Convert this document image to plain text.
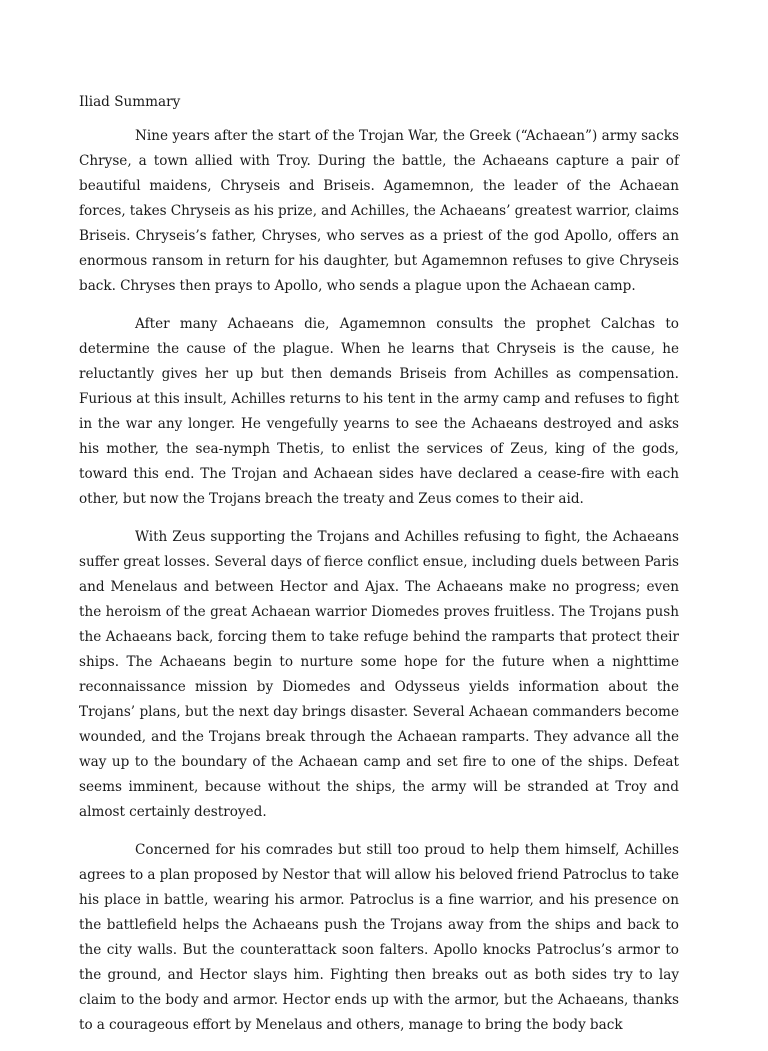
Iliad Summary

Nine years after the start of the Trojan War, the Greek (“Achaean”) army sacks Chryse, a town allied with Troy. During the battle, the Achaeans capture a pair of beautiful maidens, Chryseis and Briseis. Agamemnon, the leader of the Achaean forces, takes Chryseis as his prize, and Achilles, the Achaeans’ greatest warrior, claims Briseis. Chryseis’s father, Chryses, who serves as a priest of the god Apollo, offers an enormous ransom in return for his daughter, but Agamemnon refuses to give Chryseis back. Chryses then prays to Apollo, who sends a plague upon the Achaean camp.

After many Achaeans die, Agamemnon consults the prophet Calchas to determine the cause of the plague. When he learns that Chryseis is the cause, he reluctantly gives her up but then demands Briseis from Achilles as compensation. Furious at this insult, Achilles returns to his tent in the army camp and refuses to fight in the war any longer. He vengefully yearns to see the Achaeans destroyed and asks his mother, the sea-nymph Thetis, to enlist the services of Zeus, king of the gods, toward this end. The Trojan and Achaean sides have declared a cease-fire with each other, but now the Trojans breach the treaty and Zeus comes to their aid.

With Zeus supporting the Trojans and Achilles refusing to fight, the Achaeans suffer great losses. Several days of fierce conflict ensue, including duels between Paris and Menelaus and between Hector and Ajax. The Achaeans make no progress; even the heroism of the great Achaean warrior Diomedes proves fruitless. The Trojans push the Achaeans back, forcing them to take refuge behind the ramparts that protect their ships. The Achaeans begin to nurture some hope for the future when a nighttime reconnaissance mission by Diomedes and Odysseus yields information about the Trojans’ plans, but the next day brings disaster. Several Achaean commanders become wounded, and the Trojans break through the Achaean ramparts. They advance all the way up to the boundary of the Achaean camp and set fire to one of the ships. Defeat seems imminent, because without the ships, the army will be stranded at Troy and almost certainly destroyed.

Concerned for his comrades but still too proud to help them himself, Achilles agrees to a plan proposed by Nestor that will allow his beloved friend Patroclus to take his place in battle, wearing his armor. Patroclus is a fine warrior, and his presence on the battlefield helps the Achaeans push the Trojans away from the ships and back to the city walls. But the counterattack soon falters. Apollo knocks Patroclus’s armor to the ground, and Hector slays him. Fighting then breaks out as both sides try to lay claim to the body and armor. Hector ends up with the armor, but the Achaeans, thanks to a courageous effort by Menelaus and others, manage to bring the body back
